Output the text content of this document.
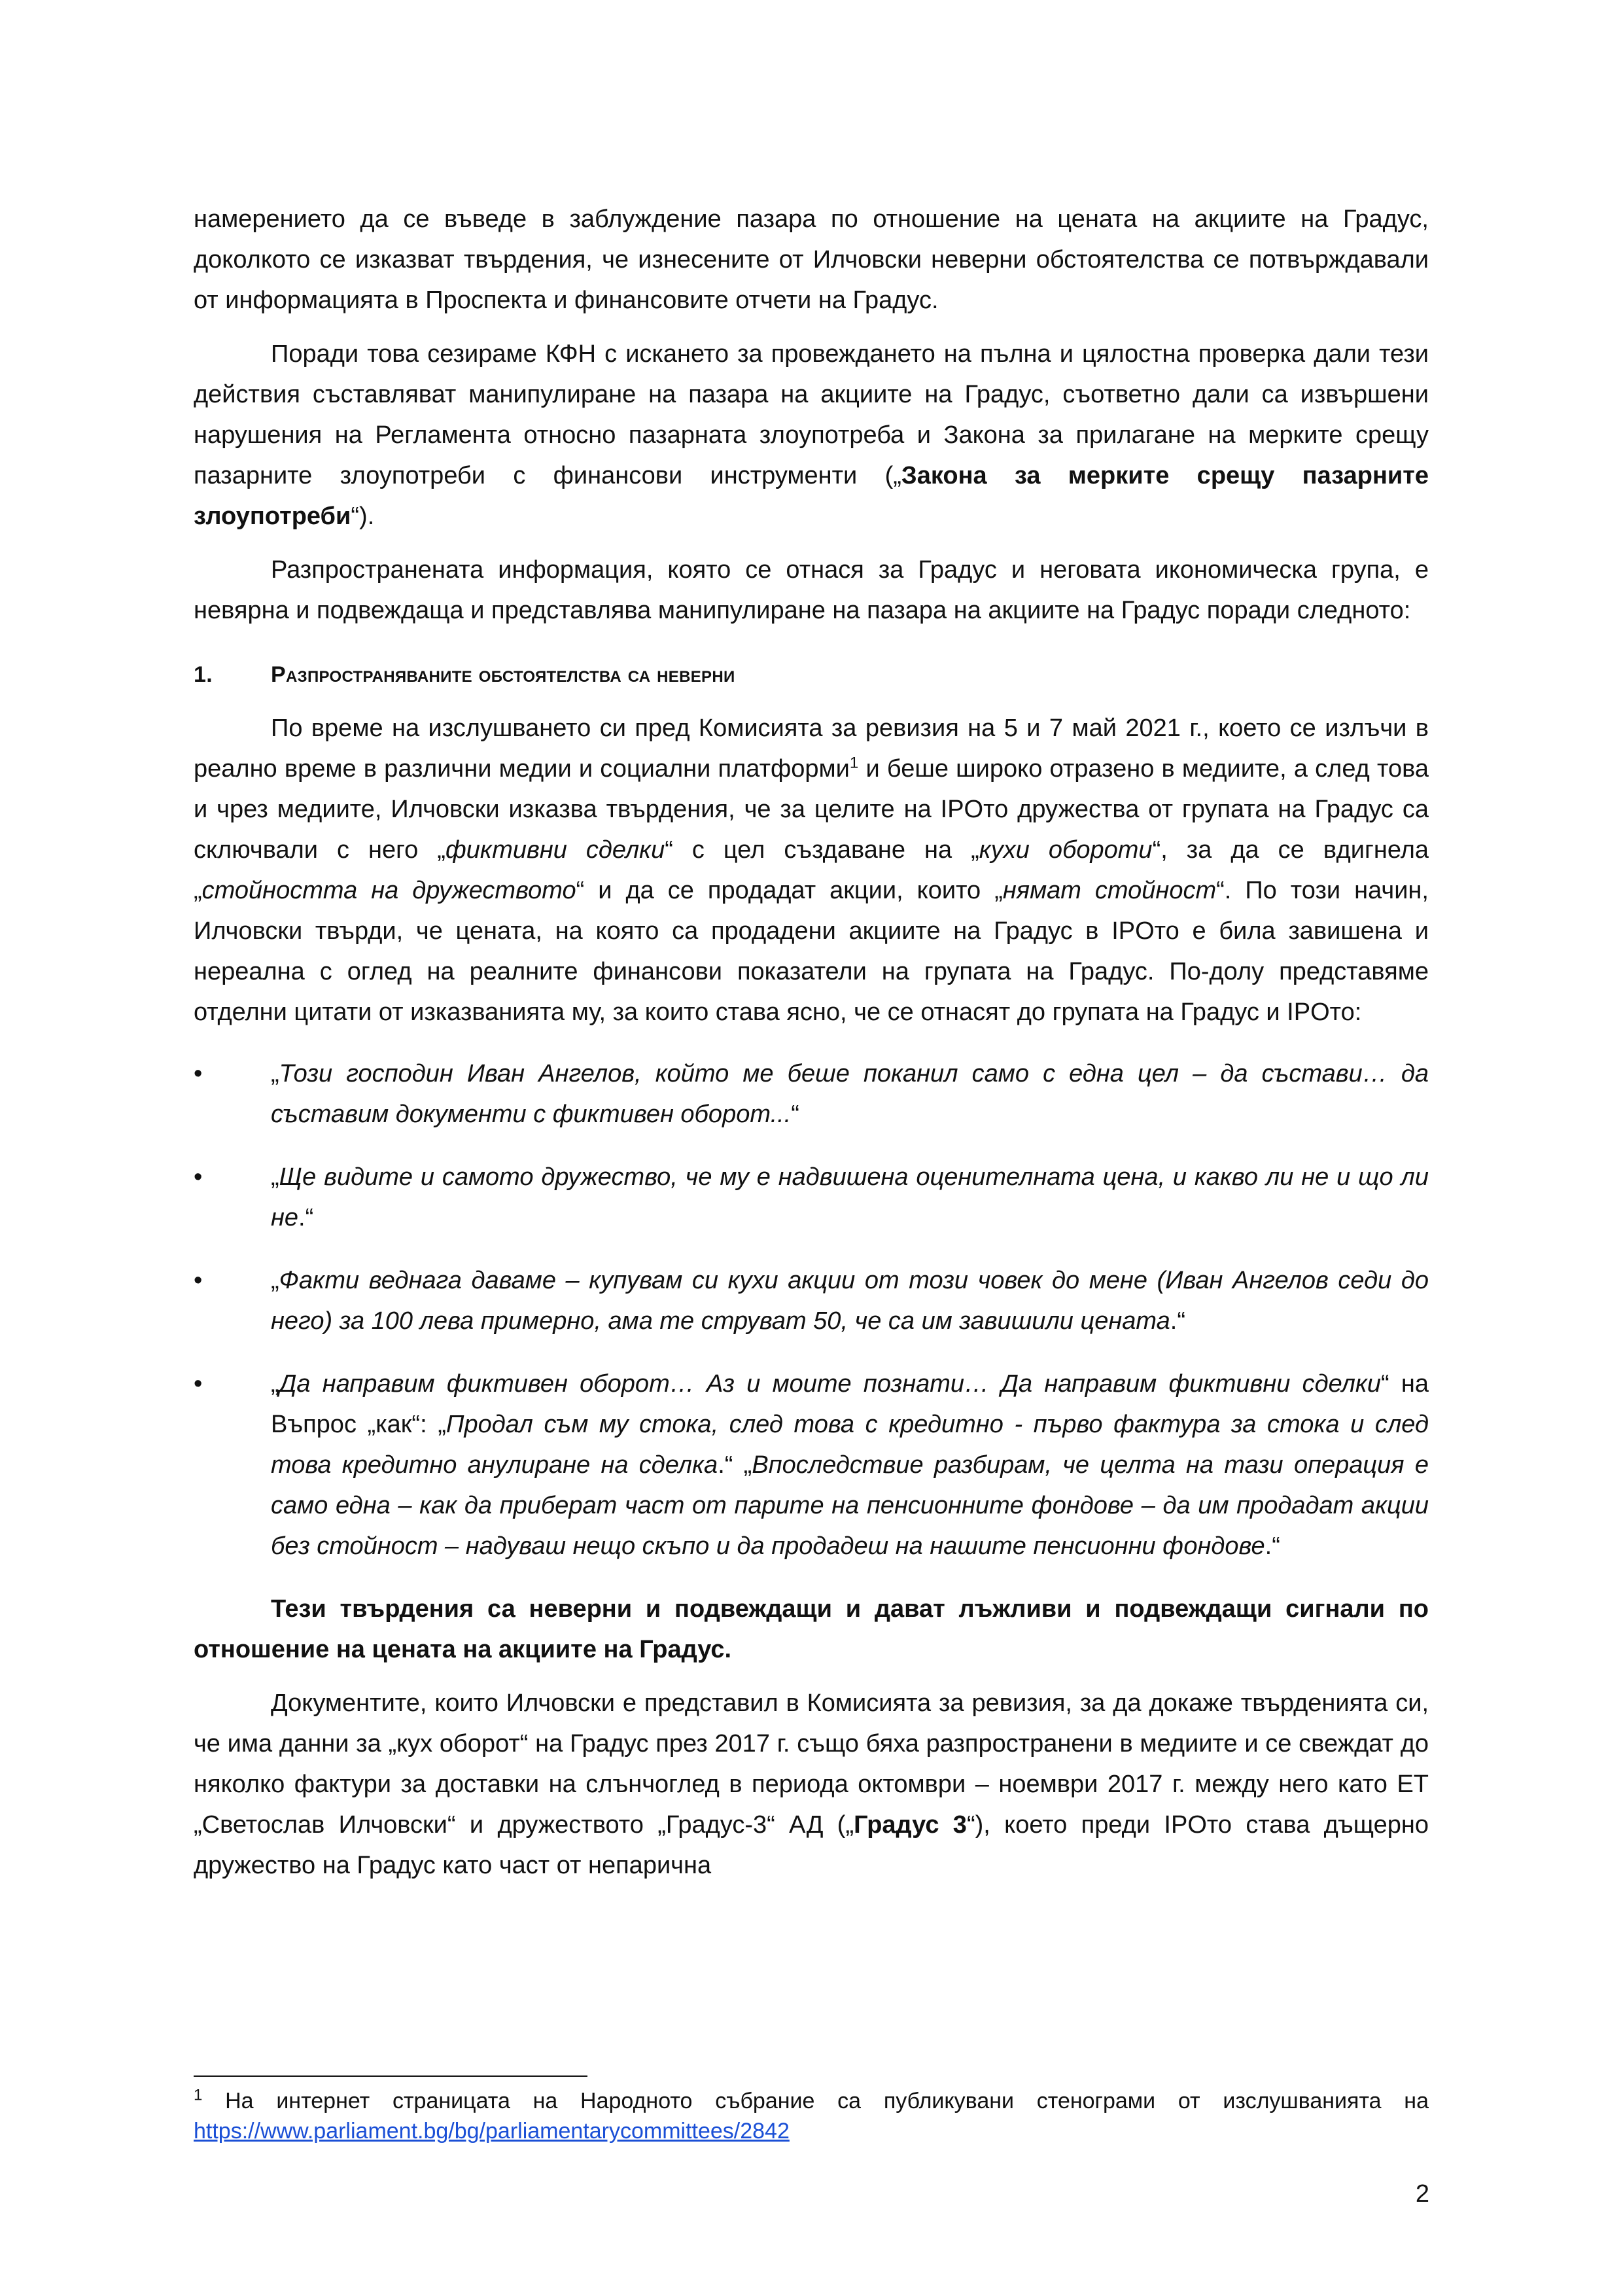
намерението да се въведе в заблуждение пазара по отношение на цената на акциите на Градус, доколкото се изказват твърдения, че изнесените от Илчовски неверни обстоятелства се потвърждавали от информацията в Проспекта и финансовите отчети на Градус.

Поради това сезираме КФН с искането за провеждането на пълна и цялостна проверка дали тези действия съставляват манипулиране на пазара на акциите на Градус, съответно дали са извършени нарушения на Регламента относно пазарната злоупотреба и Закона за прилагане на мерките срещу пазарните злоупотреби с финансови инструменти („Закона за мерките срещу пазарните злоупотреби“).

Разпространената информация, която се отнася за Градус и неговата икономическа група, е невярна и подвеждаща и представлява манипулиране на пазара на акциите на Градус поради следното:

1.	Разпространяваните обстоятелства са неверни

По време на изслушването си пред Комисията за ревизия на 5 и 7 май 2021 г., което се излъчи в реално време в различни медии и социални платформи$^1$ и беше широко отразено в медиите, а след това и чрез медиите, Илчовски изказва твърдения, че за целите на IPOто дружества от групата на Градус са сключвали с него „фиктивни сделки“ с цел създаване на „кухи обороти“, за да се вдигнела „стойността на дружеството“ и да се продадат акции, които „нямат стойност“. По този начин, Илчовски твърди, че цената, на която са продадени акциите на Градус в IPOто е била завишена и нереална с оглед на реалните финансови показатели на групата на Градус. По-долу представяме отделни цитати от изказванията му, за които става ясно, че се отнасят до групата на Градус и IPOто:

•	„Този господин Иван Ангелов, който ме беше поканил само с една цел – да състави… да съставим документи с фиктивен оборот...“
•	„Ще видите и самото дружество, че му е надвишена оценителната цена, и какво ли не и що ли не.“
•	„Факти веднага даваме – купувам си кухи акции от този човек до мене (Иван Ангелов седи до него) за 100 лева примерно, ама те струват 50, че са им завишили цената.“
•	„Да направим фиктивен оборот… Аз и моите познати… Да направим фиктивни сделки“ на Въпрос „как“: „Продал съм му стока, след това с кредитно - първо фактура за стока и след това кредитно анулиране на сделка.“ „Впоследствие разбирам, че целта на тази операция е само една – как да приберат част от парите на пенсионните фондове – да им продадат акции без стойност – надуваш нещо скъпо и да продадеш на нашите пенсионни фондове.“

Тези твърдения са неверни и подвеждащи и дават лъжливи и подвеждащи сигнали по отношение на цената на акциите на Градус.

Документите, които Илчовски е представил в Комисията за ревизия, за да докаже твърденията си, че има данни за „кух оборот“ на Градус през 2017 г. също бяха разпространени в медиите и се свеждат до няколко фактури за доставки на слънчоглед в периода октомври – ноември 2017 г. между него като ЕТ „Светослав Илчовски“ и дружеството „Градус-3“ АД („Градус 3“), което преди IPOто става дъщерно дружество на Градус като част от непарична

$^1$ На интернет страницата на Народното събрание са публикувани стенограми от изслушванията на https://www.parliament.bg/bg/parliamentarycommittees/2842
2
